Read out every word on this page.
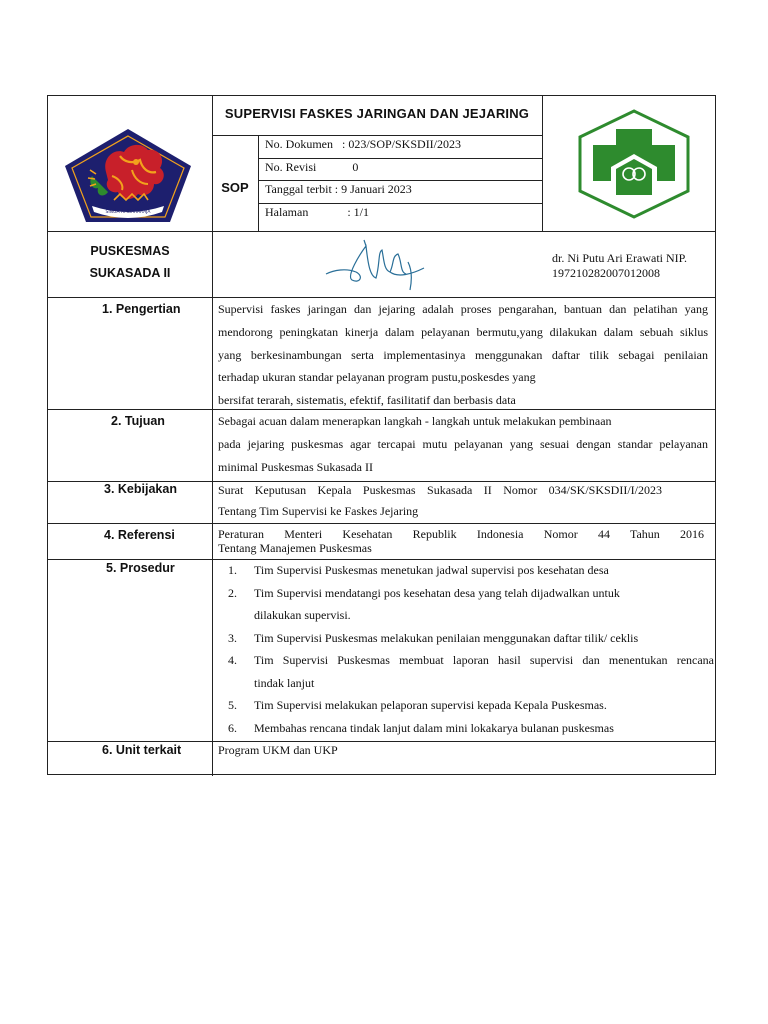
SINGA AMBARARAJA
SUPERVISI FASKES JARINGAN DAN JEJARING
SOP
No. Dokumen   : 023/SOP/SKSDII/2023
No. Revisi            0
Tanggal terbit : 9 Januari 2023
Halaman             : 1/1
PUSKESMAS
SUKASADA II
dr. Ni Putu Ari Erawati NIP.
197210282007012008
1. Pengertian	Supervisi faskes jaringan dan jejaring adalah proses pengarahan, bantuan dan pelatihan yang
mendorong peningkatan kinerja dalam pelayanan bermutu,yang dilakukan dalam sebuah siklus
yang berkesinambungan serta implementasinya menggunakan daftar tilik sebagai penilaian
terhadap ukuran standar pelayanan program pustu,poskesdes yang
bersifat terarah, sistematis, efektif, fasilitatif dan berbasis data
2. Tujuan	Sebagai acuan dalam menerapkan langkah - langkah untuk melakukan pembinaan
pada jejaring puskesmas agar tercapai mutu pelayanan yang sesuai dengan standar pelayanan
minimal Puskesmas Sukasada II
3. Kebijakan	Surat Keputusan Kepala Puskesmas Sukasada II Nomor 034/SK/SKSDII/I/2023
Tentang Tim Supervisi ke Faskes Jejaring
4. Referensi	Peraturan Menteri Kesehatan Republik Indonesia Nomor 44 Tahun 2016
Tentang Manajemen Puskesmas
5. Prosedur	1. Tim Supervisi Puskesmas menetukan jadwal supervisi pos kesehatan desa
2. Tim Supervisi mendatangi pos kesehatan desa yang telah dijadwalkan untuk
dilakukan supervisi.
3. Tim Supervisi Puskesmas melakukan penilaian menggunakan daftar tilik/ ceklis
4. Tim Supervisi Puskesmas membuat laporan hasil supervisi dan menentukan rencana
tindak lanjut
5. Tim Supervisi melakukan pelaporan supervisi kepada Kepala Puskesmas.
6. Membahas rencana tindak lanjut dalam mini lokakarya bulanan puskesmas
6. Unit terkait	Program UKM dan UKP
